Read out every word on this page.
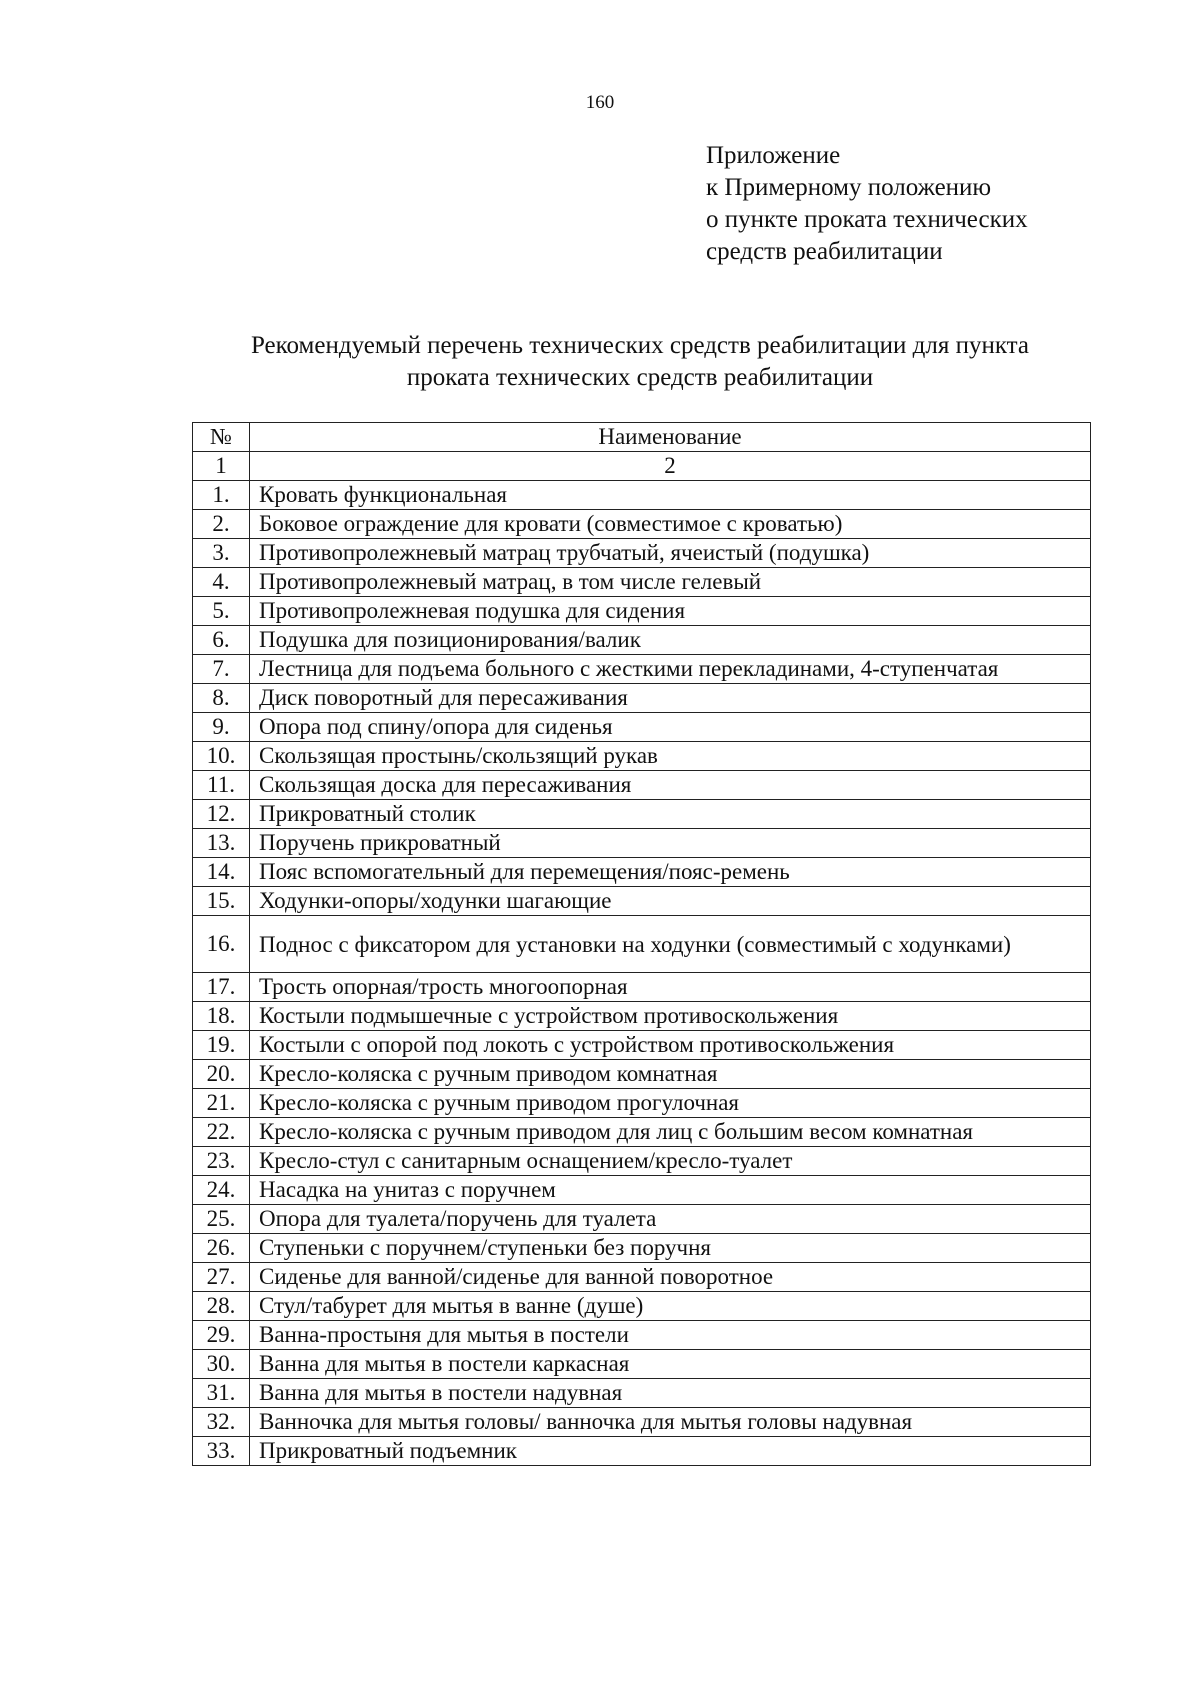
160
Приложение
к Примерному положению
о пункте проката технических
средств реабилитации
Рекомендуемый перечень технических средств реабилитации для пункта
проката технических средств реабилитации
№	Наименование
1	2
1.	Кровать функциональная
2.	Боковое ограждение для кровати (совместимое с кроватью)
3.	Противопролежневый матрац трубчатый, ячеистый (подушка)
4.	Противопролежневый матрац, в том числе гелевый
5.	Противопролежневая подушка для сидения
6.	Подушка для позиционирования/валик
7.	Лестница для подъема больного с жесткими перекладинами, 4-ступенчатая
8.	Диск поворотный для пересаживания
9.	Опора под спину/опора для сиденья
10.	Скользящая простынь/скользящий рукав
11.	Скользящая доска для пересаживания
12.	Прикроватный столик
13.	Поручень прикроватный
14.	Пояс вспомогательный для перемещения/пояс-ремень
15.	Ходунки-опоры/ходунки шагающие
16.	Поднос с фиксатором для установки на ходунки (совместимый с ходунками)
17.	Трость опорная/трость многоопорная
18.	Костыли подмышечные с устройством противоскольжения
19.	Костыли с опорой под локоть с устройством противоскольжения
20.	Кресло-коляска с ручным приводом комнатная
21.	Кресло-коляска с ручным приводом прогулочная
22.	Кресло-коляска с ручным приводом для лиц с большим весом комнатная
23.	Кресло-стул с санитарным оснащением/кресло-туалет
24.	Насадка на унитаз с поручнем
25.	Опора для туалета/поручень для туалета
26.	Ступеньки с поручнем/ступеньки без поручня
27.	Сиденье для ванной/сиденье для ванной поворотное
28.	Стул/табурет для мытья в ванне (душе)
29.	Ванна-простыня для мытья в постели
30.	Ванна для мытья в постели каркасная
31.	Ванна для мытья в постели надувная
32.	Ванночка для мытья головы/ ванночка для мытья головы надувная
33.	Прикроватный подъемник
